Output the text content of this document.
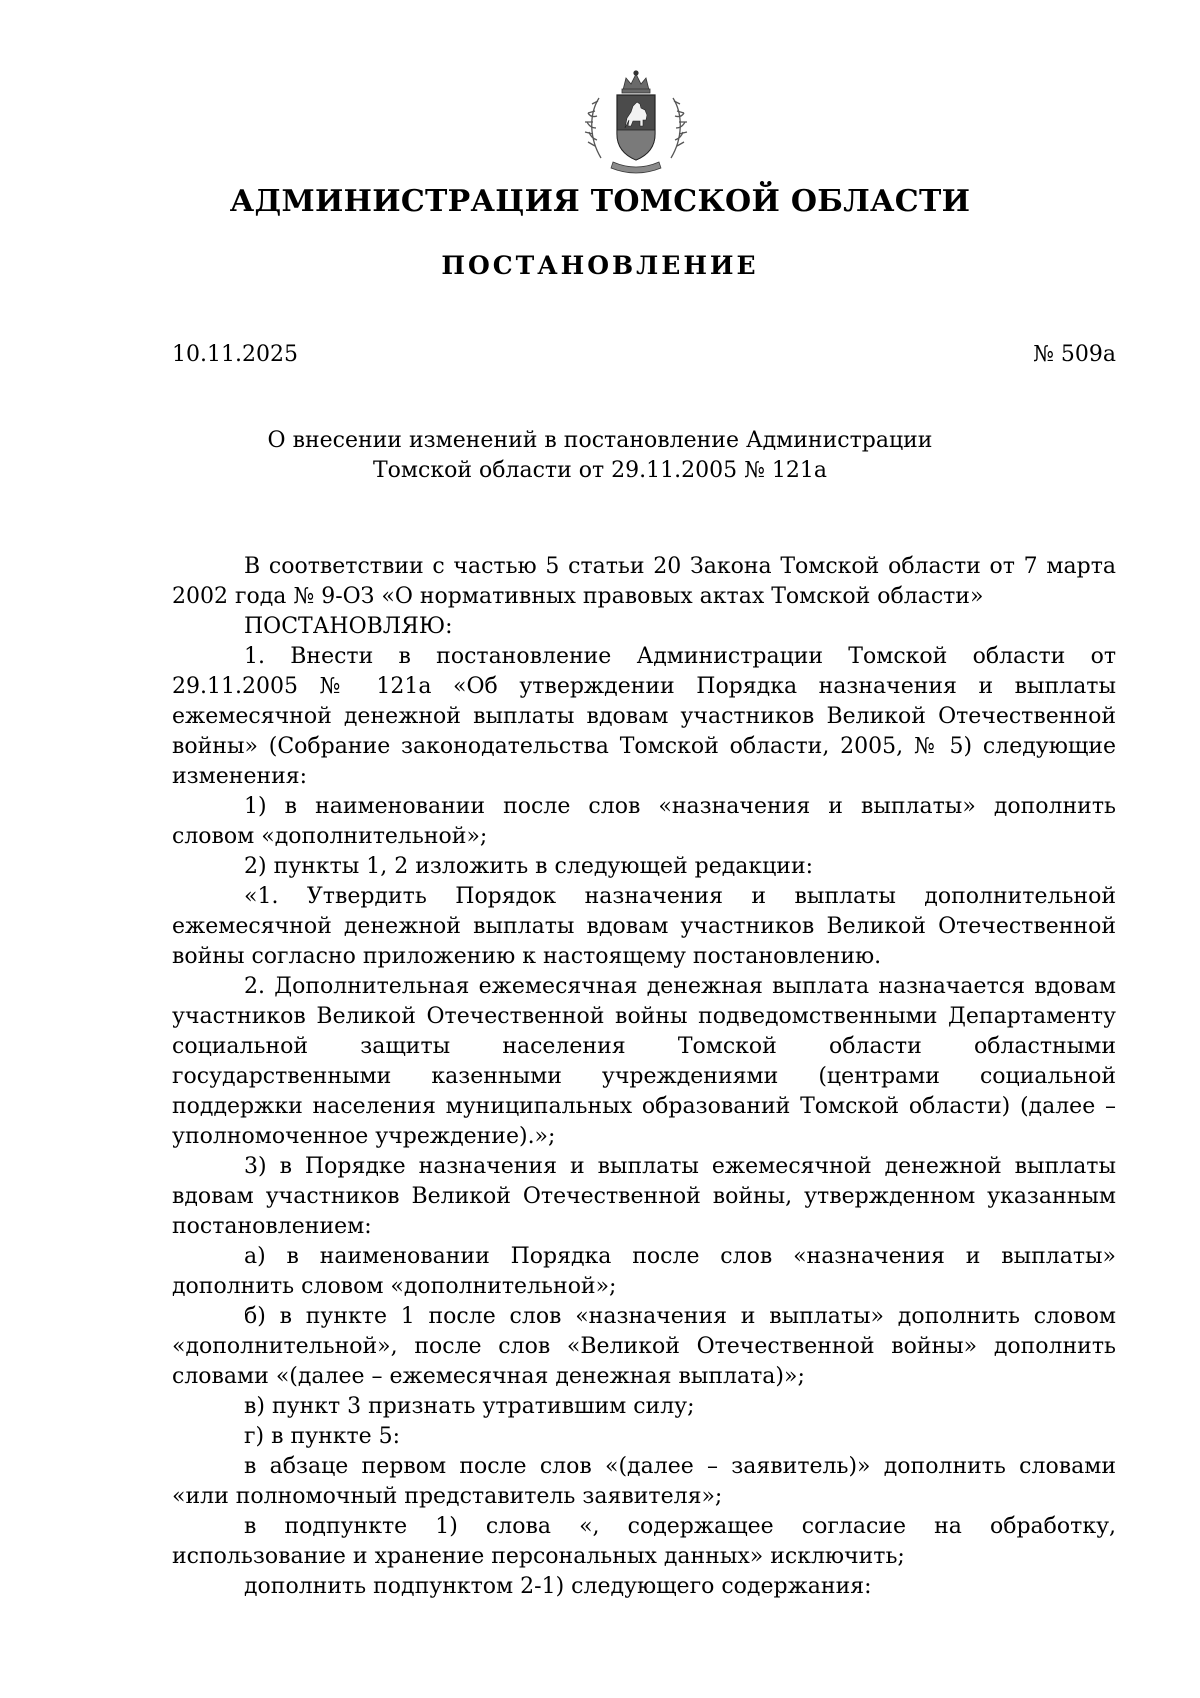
АДМИНИСТРАЦИЯ ТОМСКОЙ ОБЛАСТИ
ПОСТАНОВЛЕНИЕ
10.11.2025	№ 509а
О внесении изменений в постановление Администрации
Томской области от 29.11.2005 № 121а

В соответствии с частью 5 статьи 20 Закона Томской области от 7 марта 2002 года № 9-ОЗ «О нормативных правовых актах Томской области»

ПОСТАНОВЛЯЮ:

1. Внести в постановление Администрации Томской области от 29.11.2005 № 121а «Об утверждении Порядка назначения и выплаты ежемесячной денежной выплаты вдовам участников Великой Отечественной войны» (Собрание законодательства Томской области, 2005, № 5) следующие изменения:

1) в наименовании после слов «назначения и выплаты» дополнить словом «дополнительной»;

2) пункты 1, 2 изложить в следующей редакции:

«1. Утвердить Порядок назначения и выплаты дополнительной ежемесячной денежной выплаты вдовам участников Великой Отечественной войны согласно приложению к настоящему постановлению.

2. Дополнительная ежемесячная денежная выплата назначается вдовам участников Великой Отечественной войны подведомственными Департаменту социальной защиты населения Томской области областными государственными казенными учреждениями (центрами социальной поддержки населения муниципальных образований Томской области) (далее – уполномоченное учреждение).»;

3) в Порядке назначения и выплаты ежемесячной денежной выплаты вдовам участников Великой Отечественной войны, утвержденном указанным постановлением:

а) в наименовании Порядка после слов «назначения и выплаты» дополнить словом «дополнительной»;

б) в пункте 1 после слов «назначения и выплаты» дополнить словом «дополнительной», после слов «Великой Отечественной войны» дополнить словами «(далее – ежемесячная денежная выплата)»;

в) пункт 3 признать утратившим силу;

г) в пункте 5:

в абзаце первом после слов «(далее – заявитель)» дополнить словами «или полномочный представитель заявителя»;

в подпункте 1) слова «, содержащее согласие на обработку, использование и хранение персональных данных» исключить;

дополнить подпунктом 2-1) следующего содержания:
